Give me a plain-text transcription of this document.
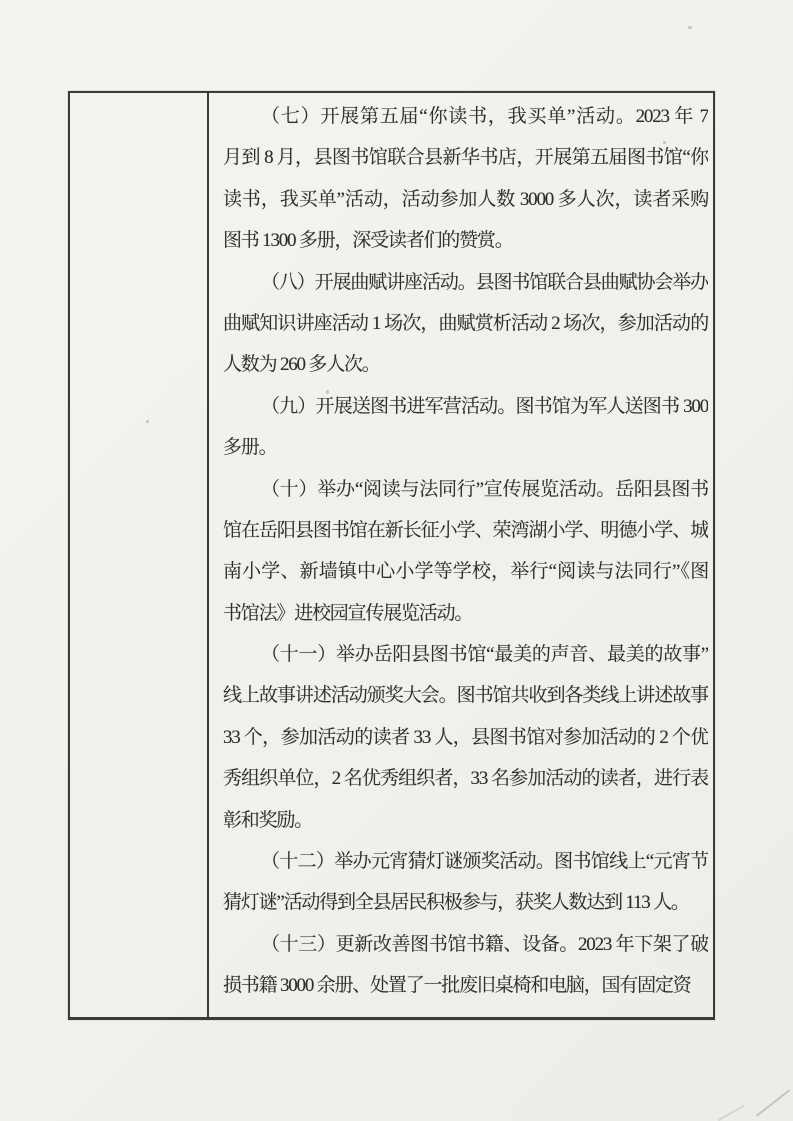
（七）开展第五届“你读书，我买单”活动。2023 年 7
月到 8 月，县图书馆联合县新华书店，开展第五届图书馆“你
读书，我买单”活动，活动参加人数 3000 多人次，读者采购
图书 1300 多册，深受读者们的赞赏。
（八）开展曲赋讲座活动。县图书馆联合县曲赋协会举办
曲赋知识讲座活动 1 场次，曲赋赏析活动 2 场次，参加活动的
人数为 260 多人次。
（九）开展送图书进军营活动。图书馆为军人送图书 300
多册。
（十）举办“阅读与法同行”宣传展览活动。岳阳县图书
馆在岳阳县图书馆在新长征小学、荣湾湖小学、明德小学、城
南小学、新墙镇中心小学等学校，举行“阅读与法同行”《图
书馆法》进校园宣传展览活动。
（十一）举办岳阳县图书馆“最美的声音、最美的故事”
线上故事讲述活动颁奖大会。图书馆共收到各类线上讲述故事
33 个，参加活动的读者 33 人，县图书馆对参加活动的 2 个优
秀组织单位，2 名优秀组织者，33 名参加活动的读者，进行表
彰和奖励。
（十二）举办元宵猜灯谜颁奖活动。图书馆线上“元宵节
猜灯谜”活动得到全县居民积极参与，获奖人数达到 113 人。
（十三）更新改善图书馆书籍、设备。2023 年下架了破
损书籍 3000 余册、处置了一批废旧桌椅和电脑，国有固定资
